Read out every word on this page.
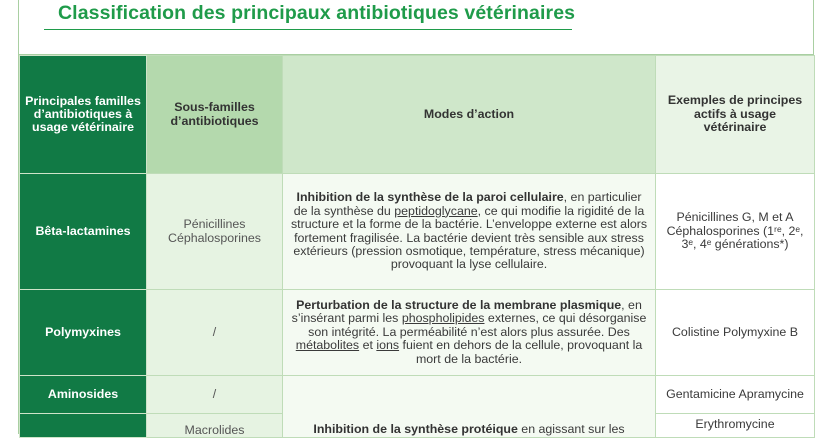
Classification des principaux antibiotiques vétérinaires
Principales familles d’antibiotiques à usage vétérinaire	Sous-familles d’antibiotiques	Modes d’action	Exemples de principes actifs à usage vétérinaire
Bêta-lactamines	Pénicillines Céphalosporines	Inhibition de la synthèse de la paroi cellulaire, en particulier de la synthèse du peptidoglycane, ce qui modifie la rigidité de la structure et la forme de la bactérie. L’enveloppe externe est alors fortement fragilisée. La bactérie devient très sensible aux stress extérieurs (pression osmotique, température, stress mécanique) provoquant la lyse cellulaire.	Pénicillines G, M et A Céphalosporines (1ʳᵉ, 2ᵉ, 3ᵉ, 4ᵉ générations*)
Polymyxines	/	Perturbation de la structure de la membrane plasmique, en s’insérant parmi les phospholipides externes, ce qui désorganise son intégrité. La perméabilité n’est alors plus assurée. Des métabolites et ions fuient en dehors de la cellule, provoquant la mort de la bactérie.	Colistine Polymyxine B
Aminosides	/	Inhibition de la synthèse protéique en agissant sur les	Gentamicine Apramycine
	Macrolides		Erythromycine
